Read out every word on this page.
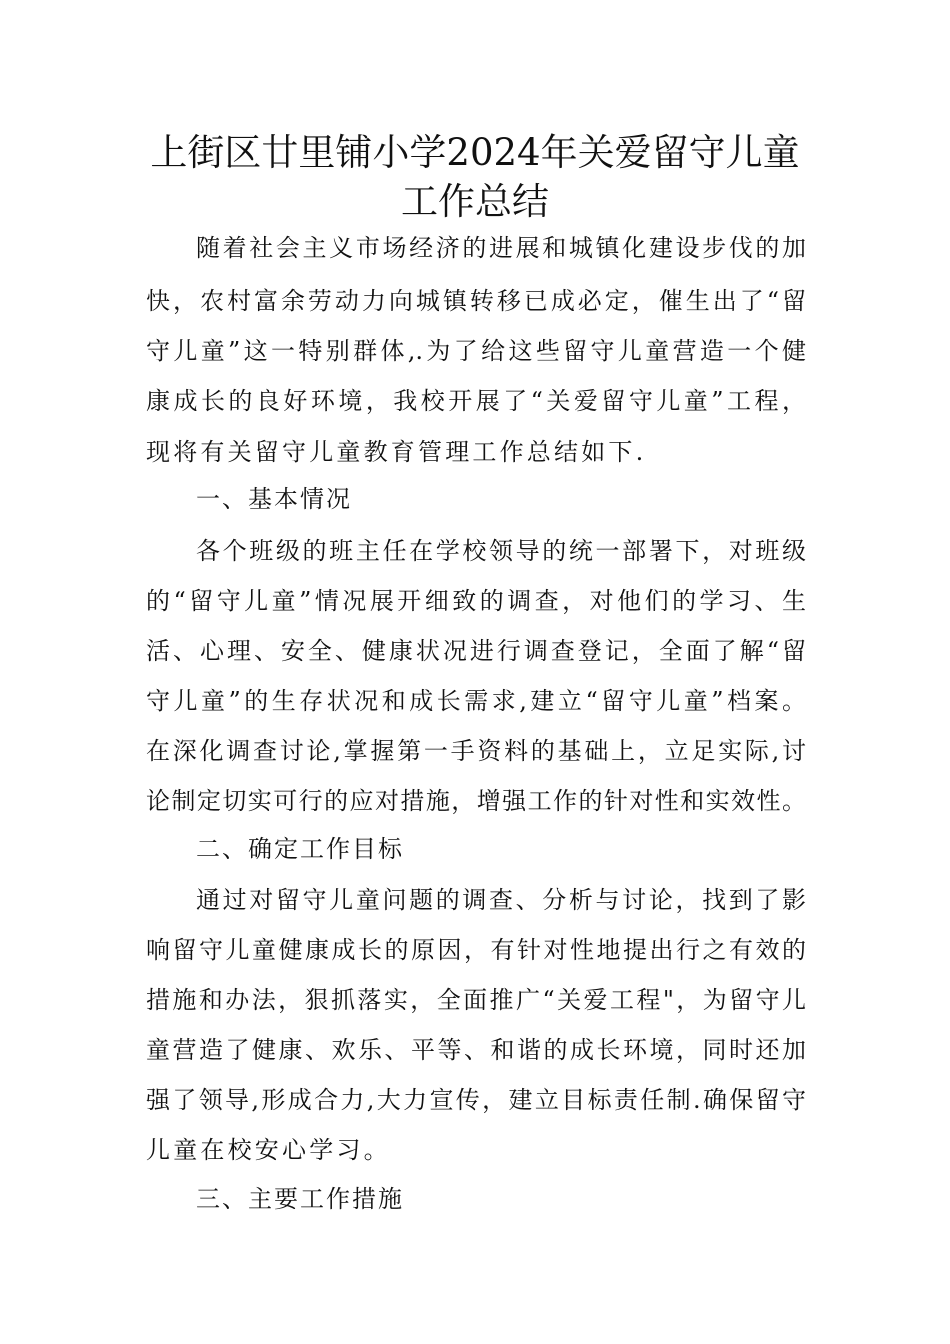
上街区廿里铺小学2024年关爱留守儿童
工作总结

随着社会主义市场经济的进展和城镇化建设步伐的加

快，农村富余劳动力向城镇转移已成必定，催生出了“留

守儿童”这一特别群体,.为了给这些留守儿童营造一个健

康成长的良好环境，我校开展了“关爱留守儿童”工程，

现将有关留守儿童教育管理工作总结如下.

一、基本情况

各个班级的班主任在学校领导的统一部署下，对班级

的“留守儿童”情况展开细致的调查，对他们的学习、生

活、心理、安全、健康状况进行调查登记，全面了解“留

守儿童”的生存状况和成长需求,建立“留守儿童”档案。

在深化调查讨论,掌握第一手资料的基础上，立足实际,讨

论制定切实可行的应对措施，增强工作的针对性和实效性。

二、确定工作目标

通过对留守儿童问题的调查、分析与讨论，找到了影

响留守儿童健康成长的原因，有针对性地提出行之有效的

措施和办法，狠抓落实，全面推广“关爱工程"，为留守儿

童营造了健康、欢乐、平等、和谐的成长环境，同时还加

强了领导,形成合力,大力宣传，建立目标责任制.确保留守

儿童在校安心学习。

三、主要工作措施
